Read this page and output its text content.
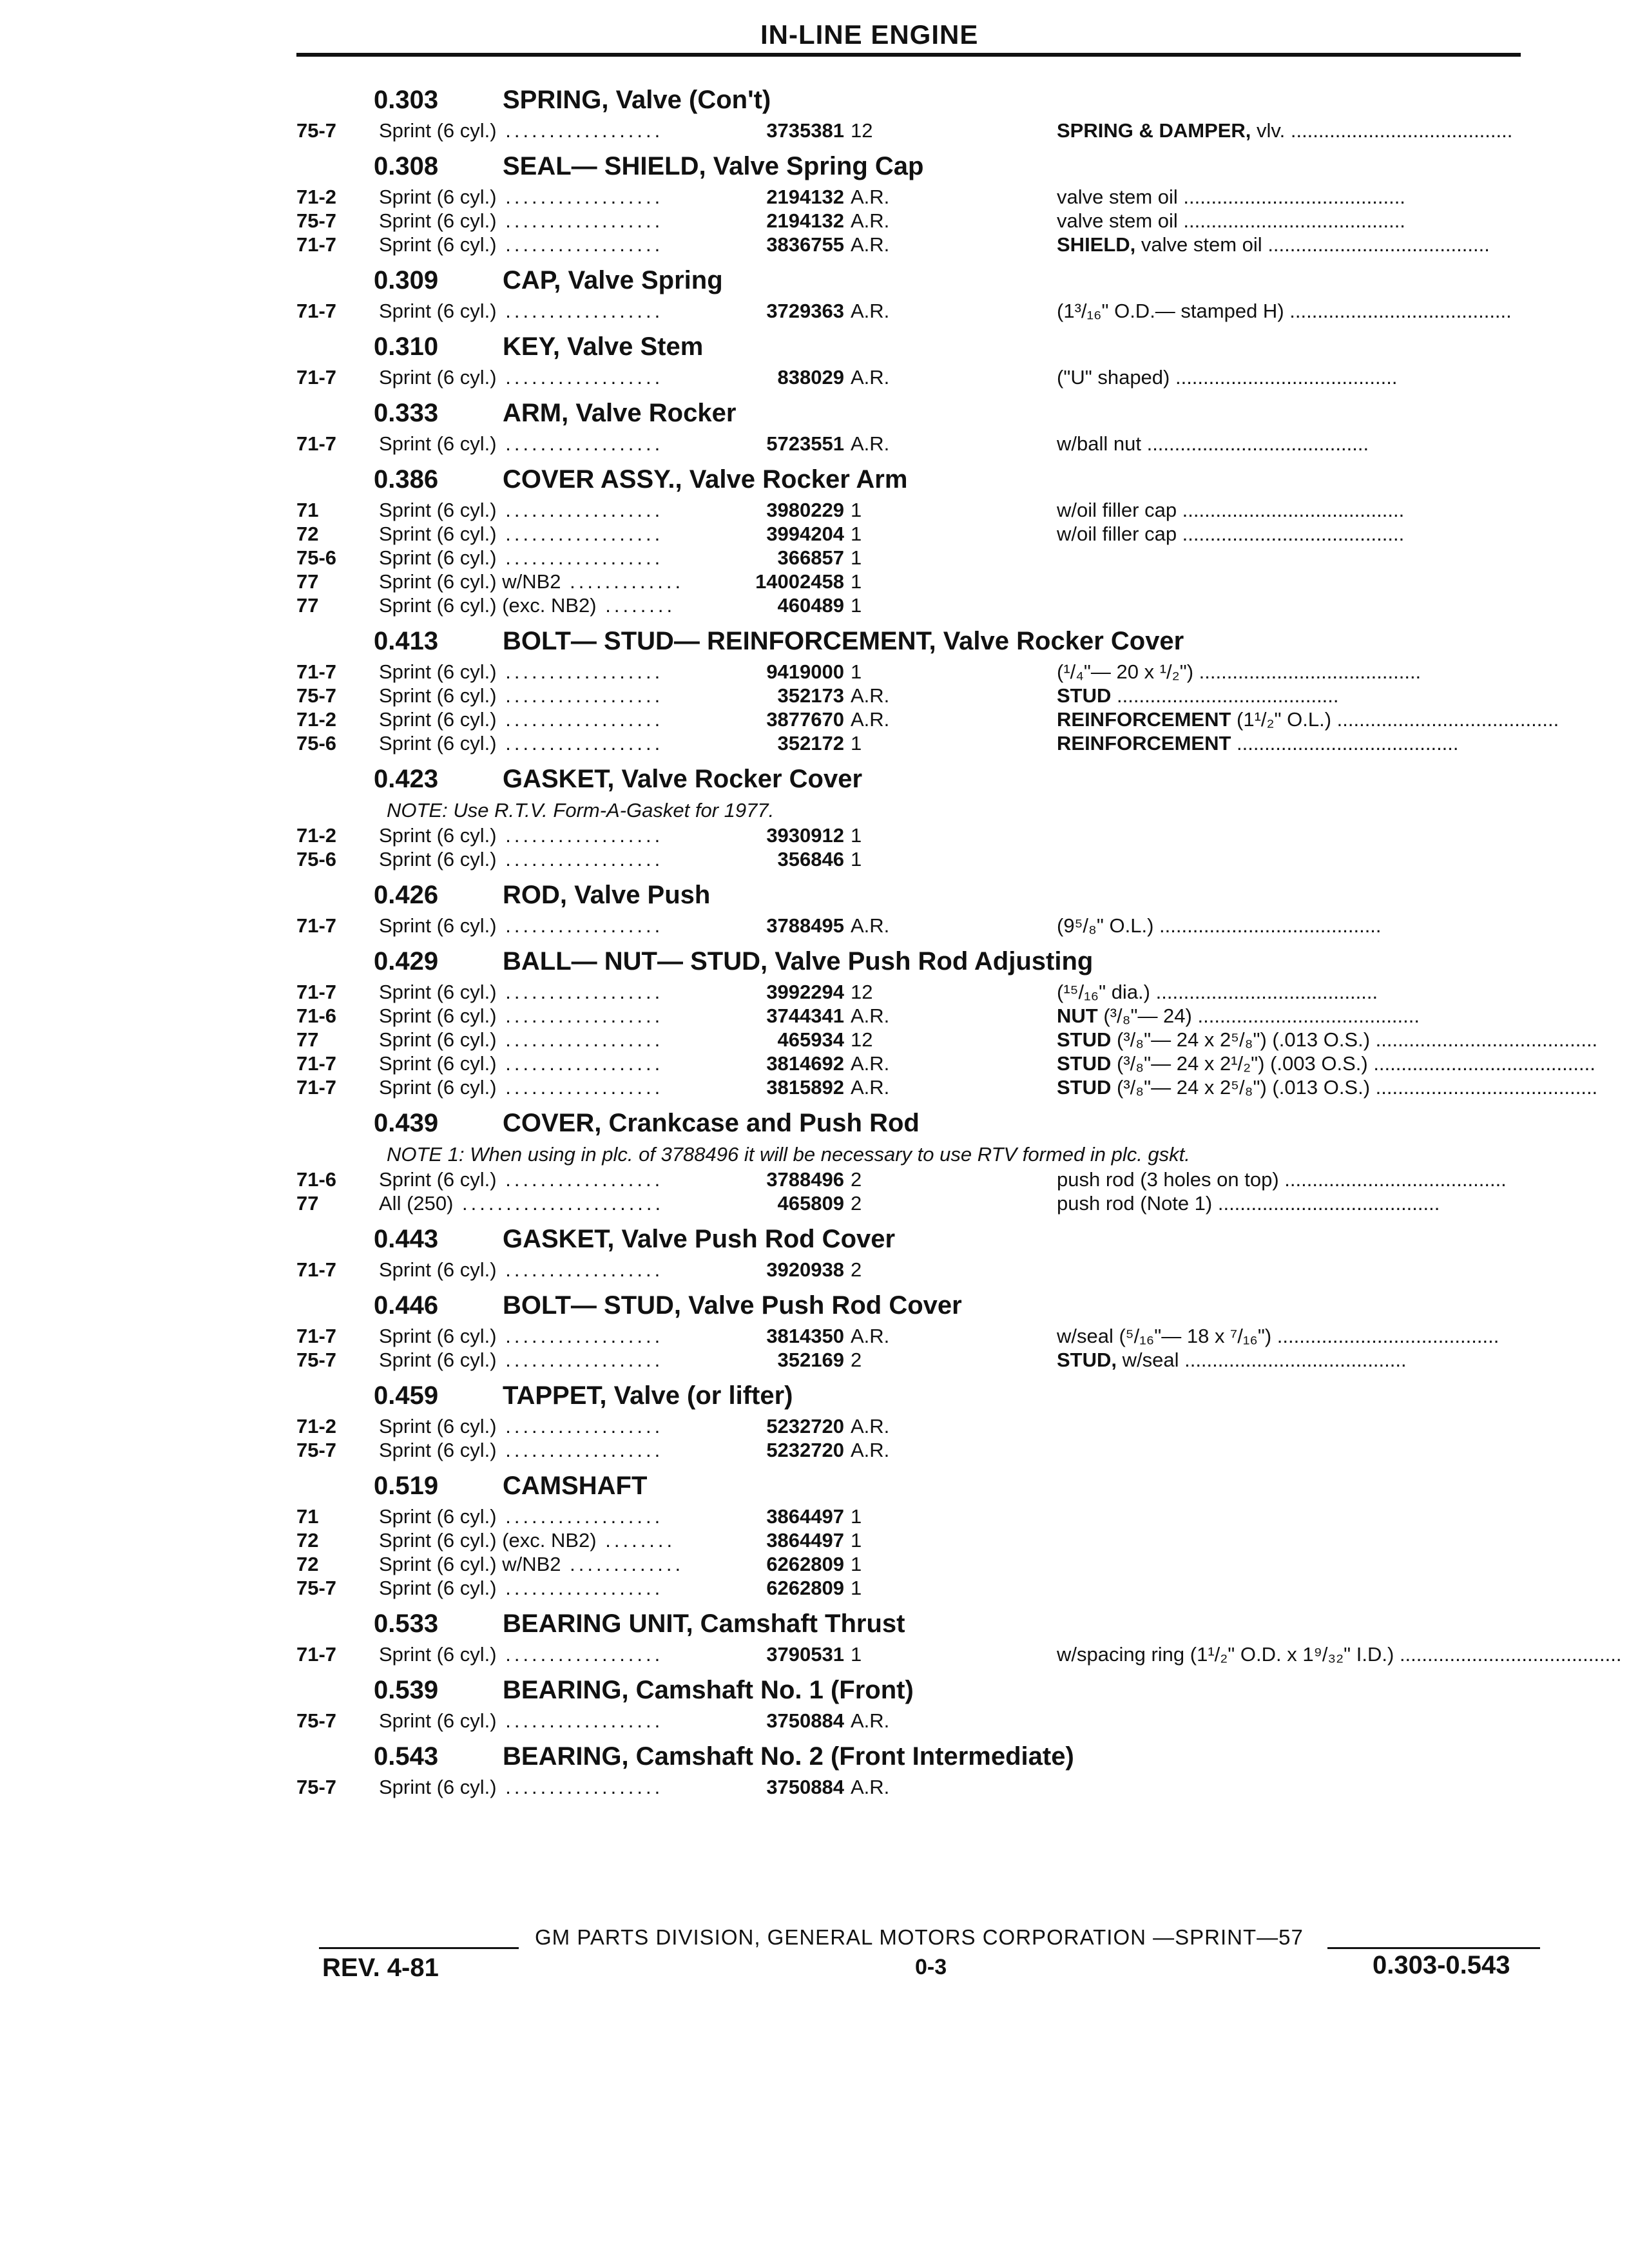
IN-LINE ENGINE
0.303 SPRING, Valve (Con't)
75-7	Sprint (6 cyl.) ..................	3735381 12	SPRING & DAMPER, vlv. ........................................
0.308 SEAL— SHIELD, Valve Spring Cap
71-2	Sprint (6 cyl.) ..................	2194132 A.R.	valve stem oil ........................................
75-7	Sprint (6 cyl.) ..................	2194132 A.R.	valve stem oil ........................................
71-7	Sprint (6 cyl.) ..................	3836755 A.R.	SHIELD, valve stem oil ........................................
0.309 CAP, Valve Spring
71-7	Sprint (6 cyl.) ..................	3729363 A.R.	(1³/₁₆" O.D.— stamped H) ........................................
0.310 KEY, Valve Stem
71-7	Sprint (6 cyl.) ..................	838029 A.R.	("U" shaped) ........................................
0.333 ARM, Valve Rocker
71-7	Sprint (6 cyl.) ..................	5723551 A.R.	w/ball nut ........................................
0.386 COVER ASSY., Valve Rocker Arm
71	Sprint (6 cyl.) ..................	3980229 1	w/oil filler cap ........................................
72	Sprint (6 cyl.) ..................	3994204 1	w/oil filler cap ........................................
75-6	Sprint (6 cyl.) ..................	366857 1
77	Sprint (6 cyl.) w/NB2 .............	14002458 1
77	Sprint (6 cyl.) (exc. NB2) ........	460489 1
0.413 BOLT— STUD— REINFORCEMENT, Valve Rocker Cover
71-7	Sprint (6 cyl.) ..................	9419000 1	(¹/₄"— 20 x ¹/₂") ........................................
75-7	Sprint (6 cyl.) ..................	352173 A.R.	STUD ........................................
71-2	Sprint (6 cyl.) ..................	3877670 A.R.	REINFORCEMENT (1¹/₂" O.L.) ........................................
75-6	Sprint (6 cyl.) ..................	352172 1	REINFORCEMENT ........................................
0.423 GASKET, Valve Rocker Cover
NOTE: Use R.T.V. Form-A-Gasket for 1977.
71-2	Sprint (6 cyl.) ..................	3930912 1
75-6	Sprint (6 cyl.) ..................	356846 1
0.426 ROD, Valve Push
71-7	Sprint (6 cyl.) ..................	3788495 A.R.	(9⁵/₈" O.L.) ........................................
0.429 BALL— NUT— STUD, Valve Push Rod Adjusting
71-7	Sprint (6 cyl.) ..................	3992294 12	(¹⁵/₁₆" dia.) ........................................
71-6	Sprint (6 cyl.) ..................	3744341 A.R.	NUT (³/₈"— 24) ........................................
77	Sprint (6 cyl.) ..................	465934 12	STUD (³/₈"— 24 x 2⁵/₈") (.013 O.S.) ........................................
71-7	Sprint (6 cyl.) ..................	3814692 A.R.	STUD (³/₈"— 24 x 2¹/₂") (.003 O.S.) ........................................
71-7	Sprint (6 cyl.) ..................	3815892 A.R.	STUD (³/₈"— 24 x 2⁵/₈") (.013 O.S.) ........................................
0.439 COVER, Crankcase and Push Rod
NOTE 1: When using in plc. of 3788496 it will be necessary to use RTV formed in plc. gskt.
71-6	Sprint (6 cyl.) ..................	3788496 2	push rod (3 holes on top) ........................................
77	All (250) .......................	465809 2	push rod (Note 1) ........................................
0.443 GASKET, Valve Push Rod Cover
71-7	Sprint (6 cyl.) ..................	3920938 2
0.446 BOLT— STUD, Valve Push Rod Cover
71-7	Sprint (6 cyl.) ..................	3814350 A.R.	w/seal (⁵/₁₆"— 18 x ⁷/₁₆") ........................................
75-7	Sprint (6 cyl.) ..................	352169 2	STUD, w/seal ........................................
0.459 TAPPET, Valve (or lifter)
71-2	Sprint (6 cyl.) ..................	5232720 A.R.
75-7	Sprint (6 cyl.) ..................	5232720 A.R.
0.519 CAMSHAFT
71	Sprint (6 cyl.) ..................	3864497 1
72	Sprint (6 cyl.) (exc. NB2) ........	3864497 1
72	Sprint (6 cyl.) w/NB2 .............	6262809 1
75-7	Sprint (6 cyl.) ..................	6262809 1
0.533 BEARING UNIT, Camshaft Thrust
71-7	Sprint (6 cyl.) ..................	3790531 1	w/spacing ring (1¹/₂" O.D. x 1⁹/₃₂" I.D.) ........................................
0.539 BEARING, Camshaft No. 1 (Front)
75-7	Sprint (6 cyl.) ..................	3750884 A.R.
0.543 BEARING, Camshaft No. 2 (Front Intermediate)
75-7	Sprint (6 cyl.) ..................	3750884 A.R.
GM PARTS DIVISION, GENERAL MOTORS CORPORATION —SPRINT—57
REV. 4-81	0-3	0.303-0.543
